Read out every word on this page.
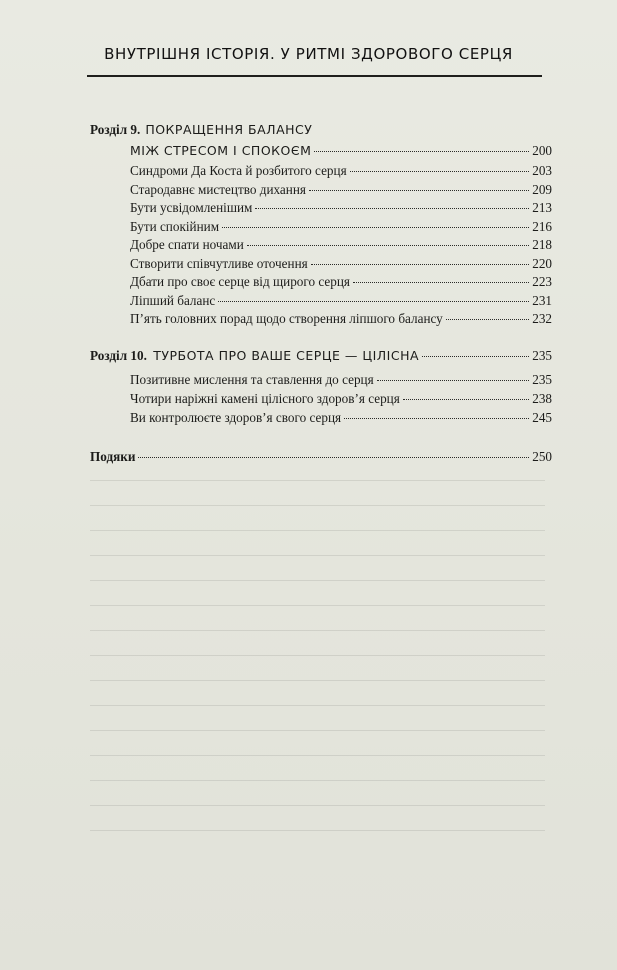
ВНУТРІШНЯ ІСТОРІЯ. У РИТМІ ЗДОРОВОГО СЕРЦЯ
Розділ 9. ПОКРАЩЕННЯ БАЛАНСУ
МІЖ СТРЕСОМ І СПОКОЄМ	200
Синдроми Да Коста й розбитого серця	203
Стародавнє мистецтво дихання	209
Бути усвідомленішим	213
Бути спокійним	216
Добре спати ночами	218
Створити співчутливе оточення	220
Дбати про своє серце від щирого серця	223
Ліпший баланс	231
П’ять головних порад щодо створення ліпшого балансу	232
Розділ 10. ТУРБОТА ПРО ВАШЕ СЕРЦЕ — ЦІЛІСНА	235
Позитивне мислення та ставлення до серця	235
Чотири наріжні камені цілісного здоров’я серця	238
Ви контролюєте здоров’я свого серця	245
Подяки	250
